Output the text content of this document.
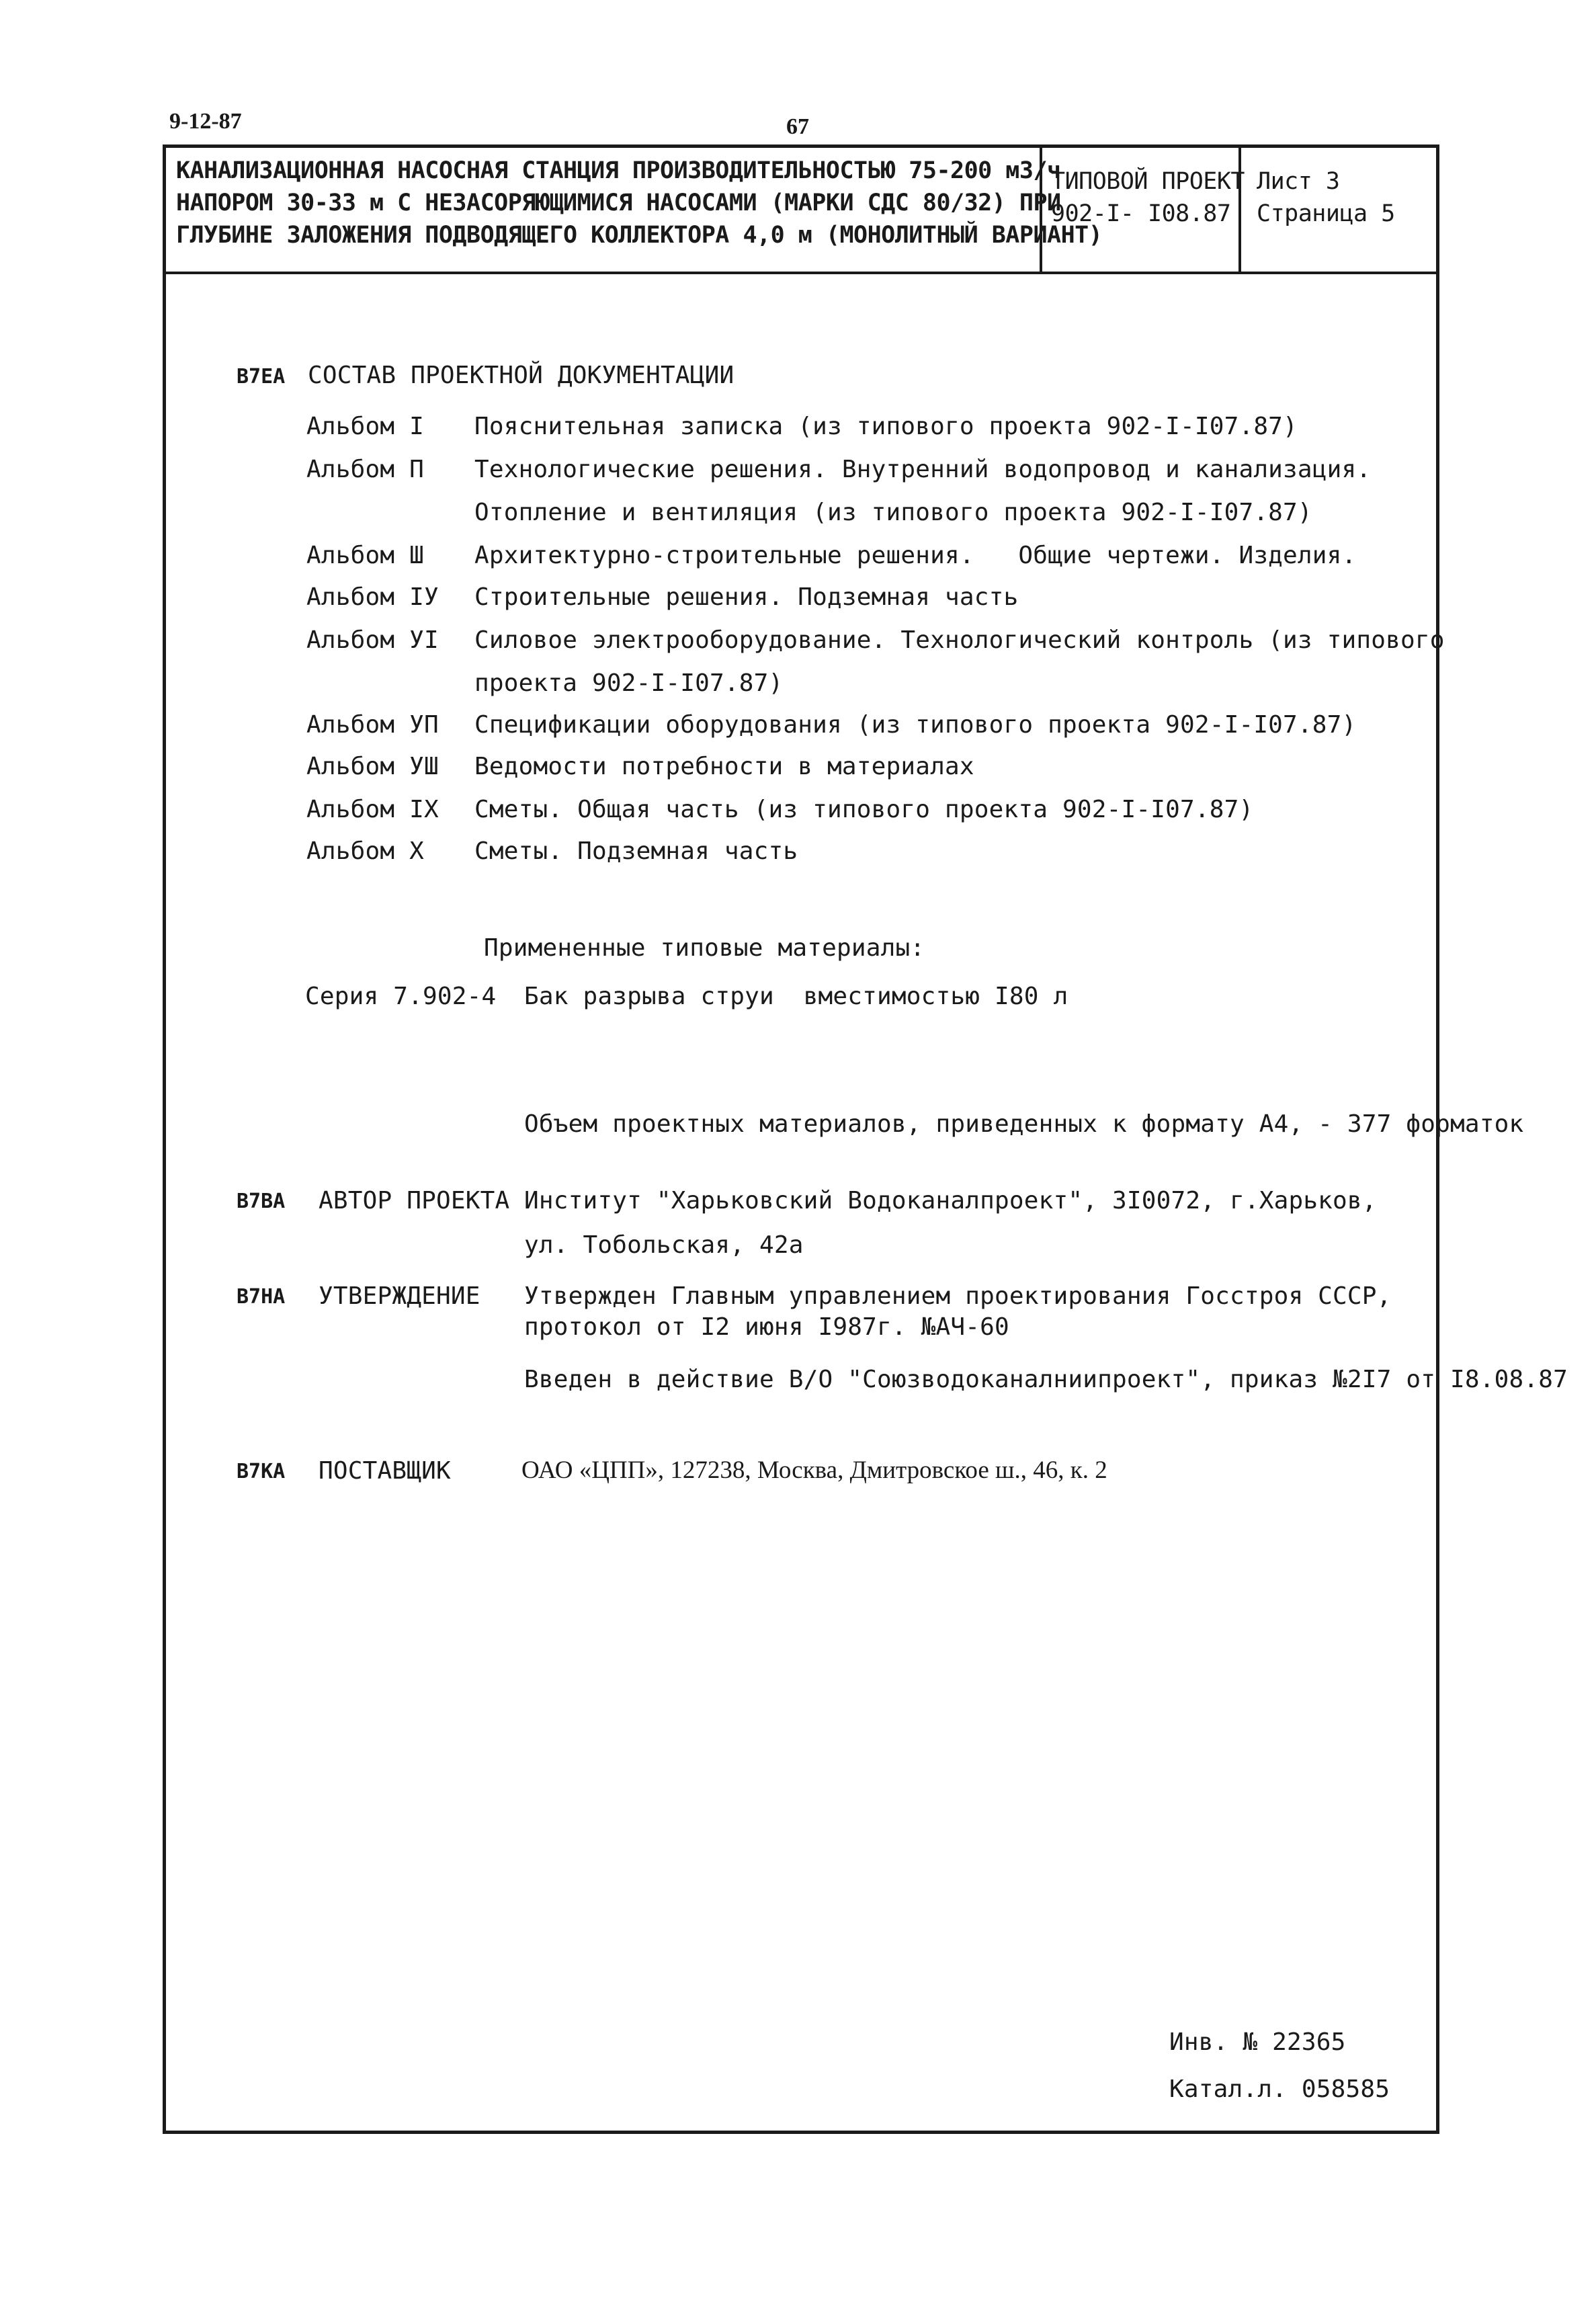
9-12-87	67
КАНАЛИЗАЦИОННАЯ НАСОСНАЯ СТАНЦИЯ ПРОИЗВОДИТЕЛЬНОСТЬЮ 75-200 м3/ч
НАПОРОМ 30-33 м С НЕЗАСОРЯЮЩИМИСЯ НАСОСАМИ (МАРКИ СДС 80/32) ПРИ
ГЛУБИНЕ ЗАЛОЖЕНИЯ ПОДВОДЯЩЕГО КОЛЛЕКТОРА 4,0 м (МОНОЛИТНЫЙ ВАРИАНТ)
ТИПОВОЙ ПРОЕКТ
902-I- I08.87
Лист 3
Страница 5
В7ЕА СОСТАВ ПРОЕКТНОЙ ДОКУМЕНТАЦИИ
Альбом I Пояснительная записка (из типового проекта 902-I-I07.87)
Альбом П Технологические решения. Внутренний водопровод и канализация.
Отопление и вентиляция (из типового проекта 902-I-I07.87)
Альбом Ш Архитектурно-строительные решения.   Общие чертежи. Изделия.
Альбом IУ Строительные решения. Подземная часть
Альбом УI Силовое электрооборудование. Технологический контроль (из типового
проекта 902-I-I07.87)
Альбом УП Спецификации оборудования (из типового проекта 902-I-I07.87)
Альбом УШ Ведомости потребности в материалах
Альбом IX Сметы. Общая часть (из типового проекта 902-I-I07.87)
Альбом X Сметы. Подземная часть
Примененные типовые материалы:
Серия 7.902-4 Бак разрыва струи  вместимостью I80 л
Объем проектных материалов, приведенных к формату А4, - 377 форматок
В7ВА АВТОР ПРОЕКТА Институт "Харьковский Водоканалпроект", 3I0072, г.Харьков,
ул. Тобольская, 42а
В7НА УТВЕРЖДЕНИЕ Утвержден Главным управлением проектирования Госстроя СССР,
протокол от I2 июня I987г. №АЧ-60
Введен в действие В/О "Союзводоканалниипроект", приказ №2I7 от I8.08.87
В7КА ПОСТАВЩИК	ОАО «ЦПП», 127238, Москва, Дмитровское ш., 46, к. 2
Инв. № 22365
Катал.л. 058585
